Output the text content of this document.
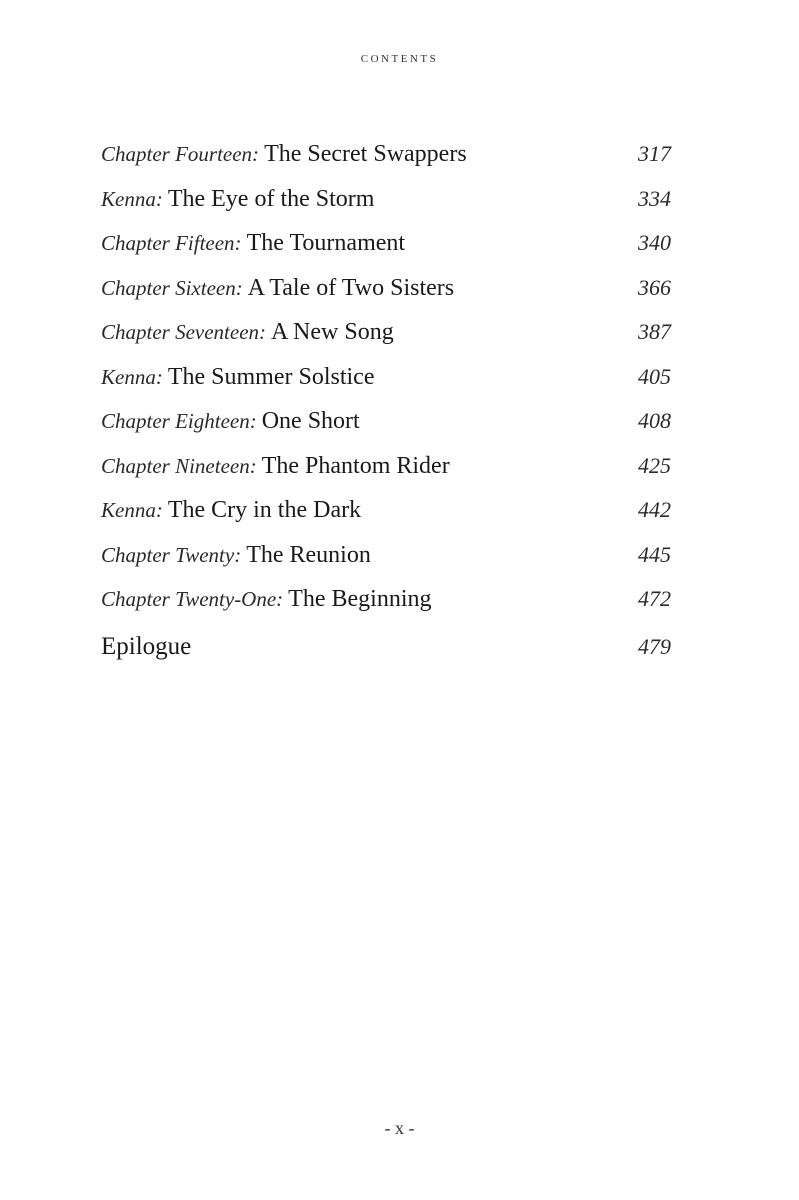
contents
Chapter Fourteen: The Secret Swappers	317
Kenna: The Eye of the Storm	334
Chapter Fifteen: The Tournament	340
Chapter Sixteen: A Tale of Two Sisters	366
Chapter Seventeen: A New Song	387
Kenna: The Summer Solstice	405
Chapter Eighteen: One Short	408
Chapter Nineteen: The Phantom Rider	425
Kenna: The Cry in the Dark	442
Chapter Twenty: The Reunion	445
Chapter Twenty-One: The Beginning	472
Epilogue	479
- x -
